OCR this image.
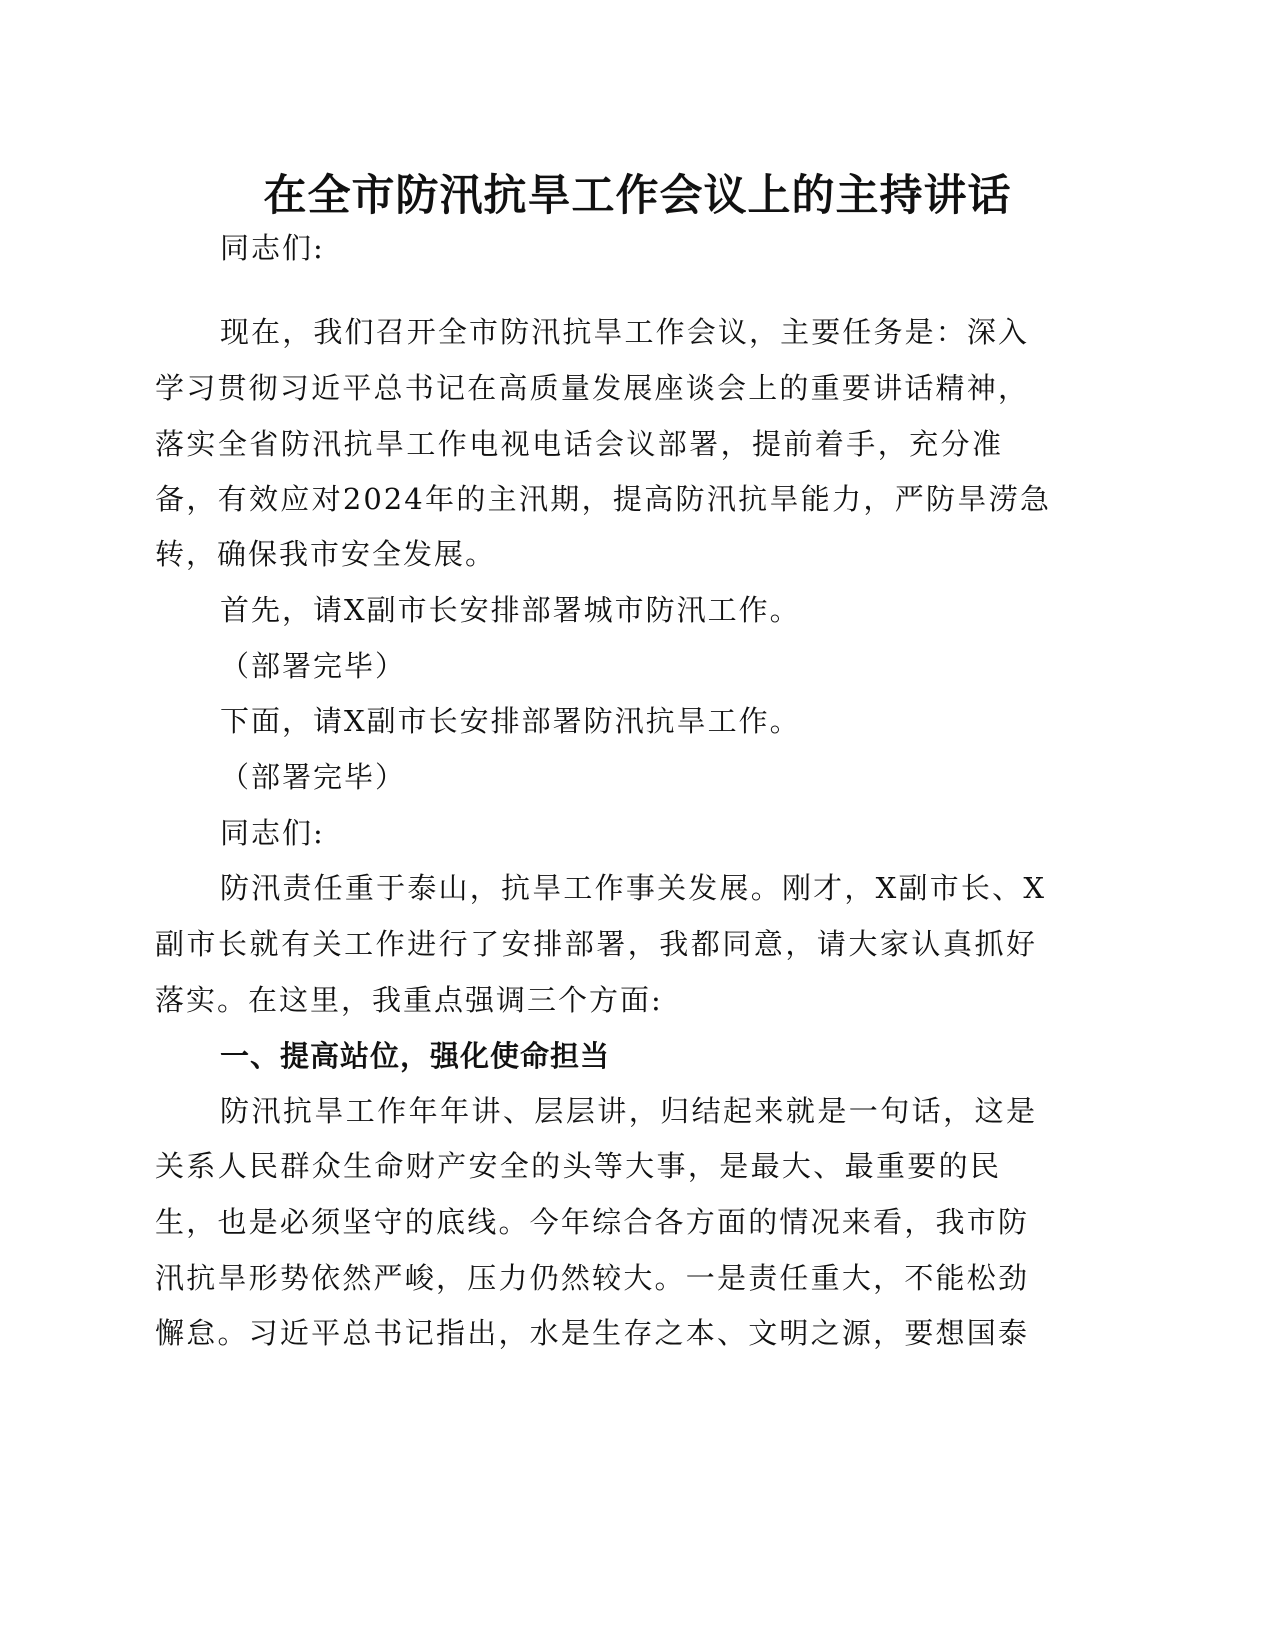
在全市防汛抗旱工作会议上的主持讲话
同志们:
现在，我们召开全市防汛抗旱工作会议，主要任务是：深入
学习贯彻习近平总书记在高质量发展座谈会上的重要讲话精神，
落实全省防汛抗旱工作电视电话会议部署，提前着手，充分准
备，有效应对2024年的主汛期，提高防汛抗旱能力，严防旱涝急
转，确保我市安全发展。
首先，请X副市长安排部署城市防汛工作。
（部署完毕）
下面，请X副市长安排部署防汛抗旱工作。
（部署完毕）
同志们:
防汛责任重于泰山，抗旱工作事关发展。刚才，X副市长、X
副市长就有关工作进行了安排部署，我都同意，请大家认真抓好
落实。在这里，我重点强调三个方面:
一、提高站位，强化使命担当
防汛抗旱工作年年讲、层层讲，归结起来就是一句话，这是
关系人民群众生命财产安全的头等大事，是最大、最重要的民
生，也是必须坚守的底线。今年综合各方面的情况来看，我市防
汛抗旱形势依然严峻，压力仍然较大。一是责任重大，不能松劲
懈怠。习近平总书记指出，水是生存之本、文明之源，要想国泰
